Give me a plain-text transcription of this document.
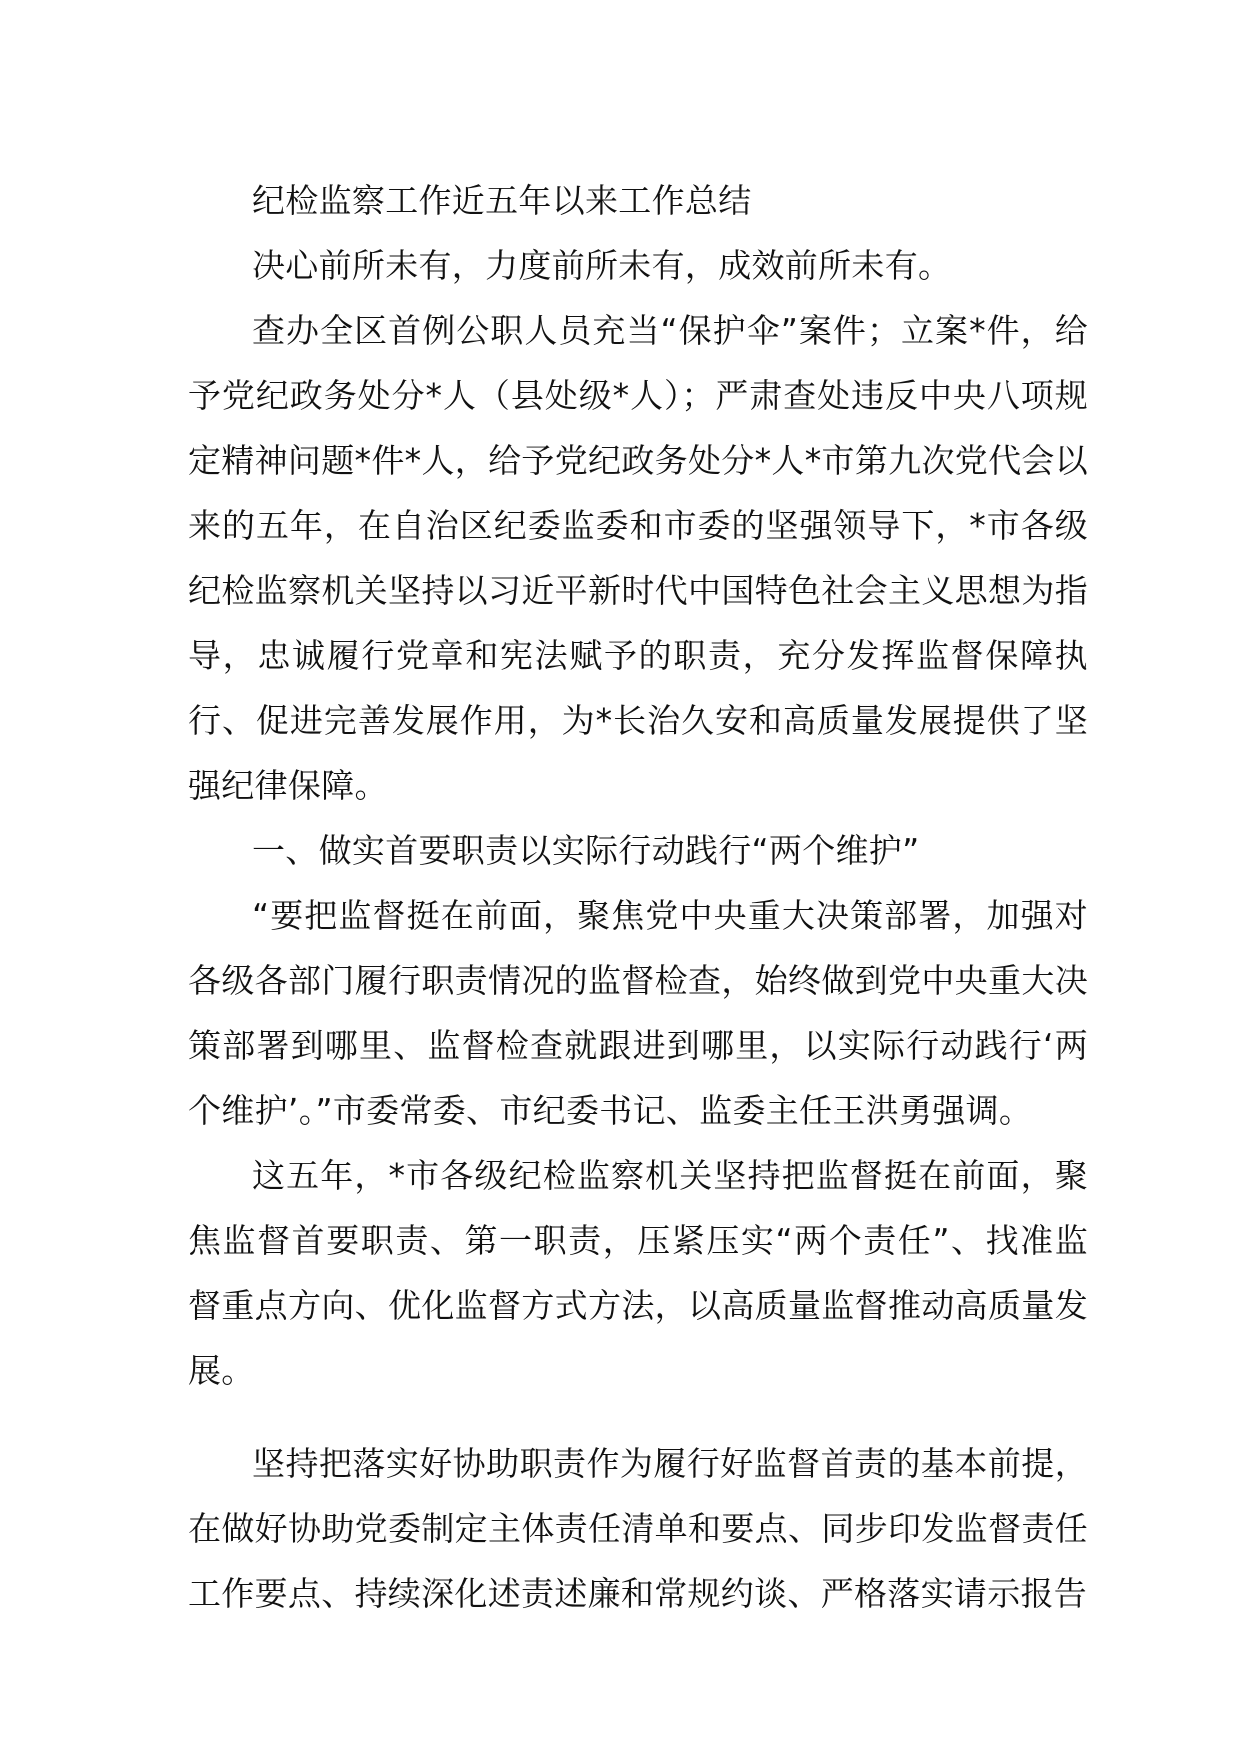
纪检监察工作近五年以来工作总结

决心前所未有，力度前所未有，成效前所未有。

查办全区首例公职人员充当“保护伞”案件；立案*件，给予党纪政务处分*人（县处级*人）；严肃查处违反中央八项规定精神问题*件*人，给予党纪政务处分*人*市第九次党代会以来的五年，在自治区纪委监委和市委的坚强领导下，*市各级纪检监察机关坚持以习近平新时代中国特色社会主义思想为指导，忠诚履行党章和宪法赋予的职责，充分发挥监督保障执行、促进完善发展作用，为*长治久安和高质量发展提供了坚强纪律保障。

一、做实首要职责以实际行动践行“两个维护”

“要把监督挺在前面，聚焦党中央重大决策部署，加强对各级各部门履行职责情况的监督检查，始终做到党中央重大决策部署到哪里、监督检查就跟进到哪里，以实际行动践行‘两个维护’。”市委常委、市纪委书记、监委主任王洪勇强调。

这五年，*市各级纪检监察机关坚持把监督挺在前面，聚焦监督首要职责、第一职责，压紧压实“两个责任”、找准监督重点方向、优化监督方式方法，以高质量监督推动高质量发展。

坚持把落实好协助职责作为履行好监督首责的基本前提，在做好协助党委制定主体责任清单和要点、同步印发监督责任工作要点、持续深化述责述廉和常规约谈、严格落实请示报告
